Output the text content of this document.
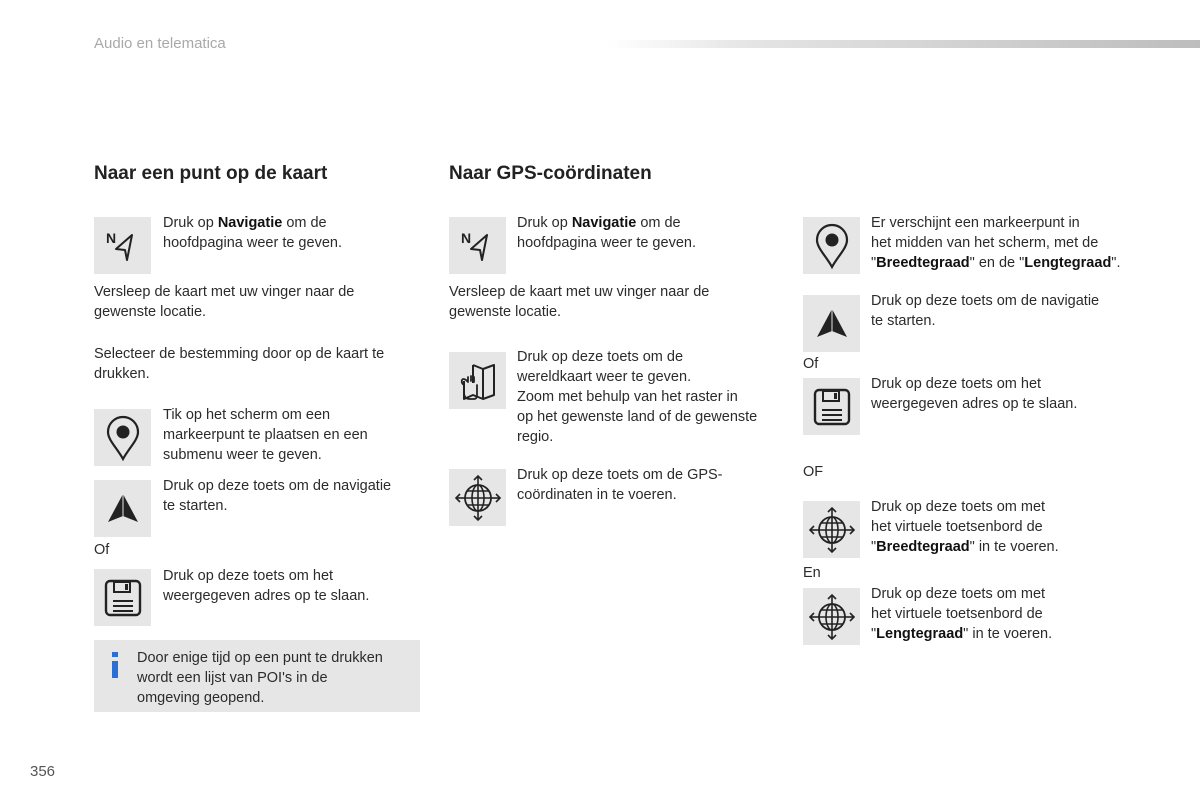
Audio en telematica
Naar een punt op de kaart
N

Druk op Navigatie om de
hoofdpagina weer te geven.

Versleep de kaart met uw vinger naar de
gewenste locatie.

Selecteer de bestemming door op de kaart te
drukken.

Tik op het scherm om een
markeerpunt te plaatsen en een
submenu weer te geven.

Druk op deze toets om de navigatie
te starten.

Of

Druk op deze toets om het
weergegeven adres op te slaan.

Door enige tijd op een punt te drukken
wordt een lijst van POI's in de
omgeving geopend.

Naar GPS-coördinaten
N

Druk op Navigatie om de
hoofdpagina weer te geven.

Versleep de kaart met uw vinger naar de
gewenste locatie.

Druk op deze toets om de
wereldkaart weer te geven.
Zoom met behulp van het raster in
op het gewenste land of de gewenste
regio.

Druk op deze toets om de GPS-
coördinaten in te voeren.

Er verschijnt een markeerpunt in
het midden van het scherm, met de
"Breedtegraad" en de "Lengtegraad".

Druk op deze toets om de navigatie
te starten.

Of

Druk op deze toets om het
weergegeven adres op te slaan.

OF

Druk op deze toets om met
het virtuele toetsenbord de
"Breedtegraad" in te voeren.

En

Druk op deze toets om met
het virtuele toetsenbord de
"Lengtegraad" in te voeren.

356
